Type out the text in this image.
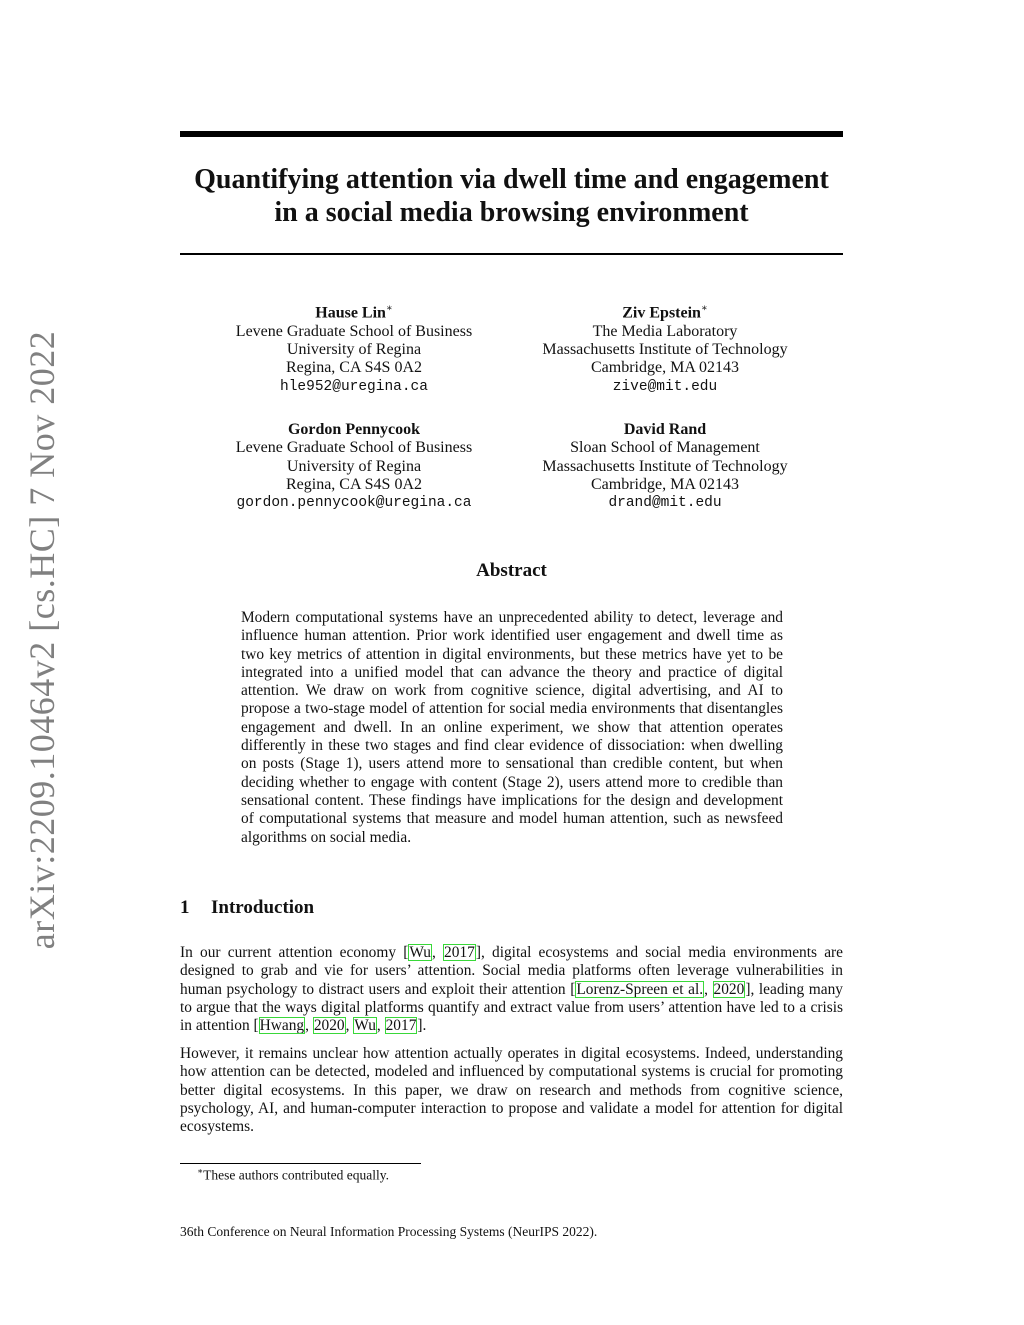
arXiv:2209.10464v2 [cs.HC] 7 Nov 2022
Quantifying attention via dwell time and engagement
in a social media browsing environment
Hause Lin∗
Levene Graduate School of Business
University of Regina
Regina, CA S4S 0A2
hle952@uregina.ca
Ziv Epstein∗
The Media Laboratory
Massachusetts Institute of Technology
Cambridge, MA 02143
zive@mit.edu
Gordon Pennycook
Levene Graduate School of Business
University of Regina
Regina, CA S4S 0A2
gordon.pennycook@uregina.ca
David Rand
Sloan School of Management
Massachusetts Institute of Technology
Cambridge, MA 02143
drand@mit.edu
Abstract

Modern computational systems have an unprecedented ability to detect, leverage and influence human attention. Prior work identified user engagement and dwell time as two key metrics of attention in digital environments, but these metrics have yet to be integrated into a unified model that can advance the theory and practice of digital attention. We draw on work from cognitive science, digital advertising, and AI to propose a two-stage model of attention for social media environments that disentangles engagement and dwell. In an online experiment, we show that attention operates differently in these two stages and find clear evidence of dissociation: when dwelling on posts (Stage 1), users attend more to sensational than credible content, but when deciding whether to engage with content (Stage 2), users attend more to credible than sensational content. These findings have implications for the design and development of computational systems that measure and model human attention, such as newsfeed algorithms on social media.

1 Introduction

In our current attention economy [Wu, 2017], digital ecosystems and social media environments are designed to grab and vie for users’ attention. Social media platforms often leverage vulnerabilities in human psychology to distract users and exploit their attention [Lorenz-Spreen et al., 2020], leading many to argue that the ways digital platforms quantify and extract value from users’ attention have led to a crisis in attention [Hwang, 2020, Wu, 2017].

However, it remains unclear how attention actually operates in digital ecosystems. Indeed, understanding how attention can be detected, modeled and influenced by computational systems is crucial for promoting better digital ecosystems. In this paper, we draw on research and methods from cognitive science, psychology, AI, and human-computer interaction to propose and validate a model for attention for digital ecosystems.

∗These authors contributed equally.

36th Conference on Neural Information Processing Systems (NeurIPS 2022).
